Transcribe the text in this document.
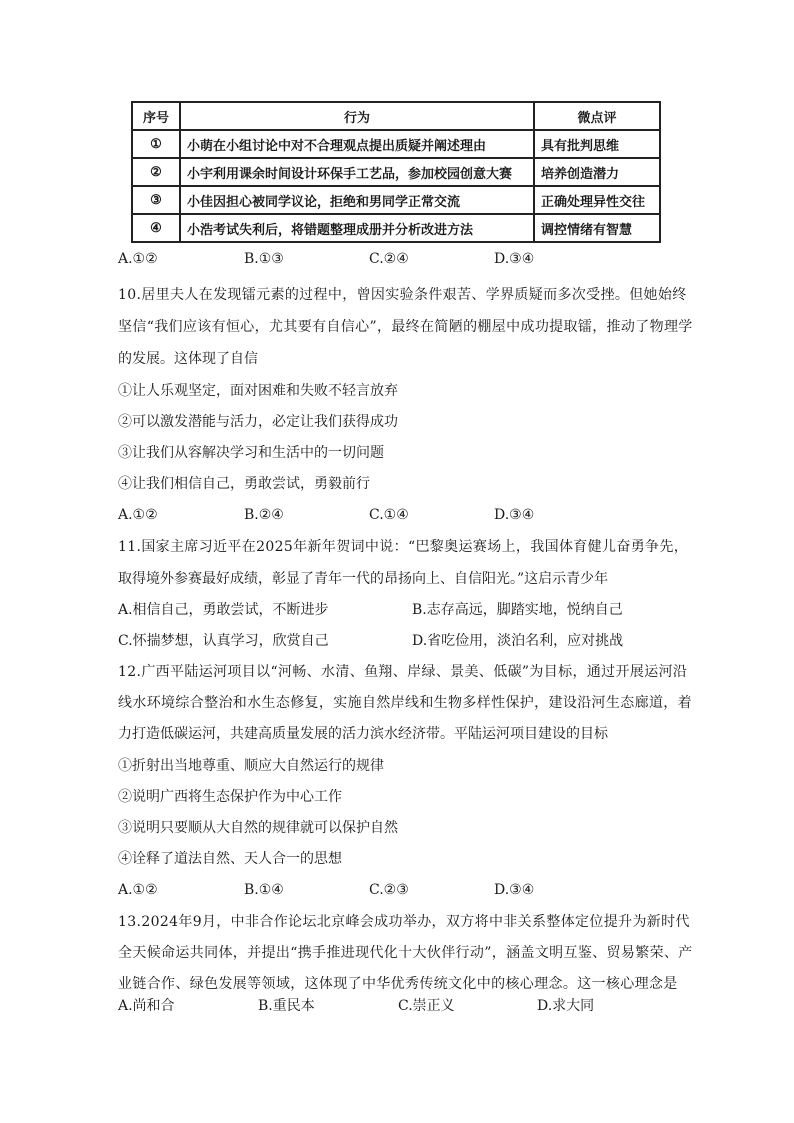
序号	行为	微点评
①	小萌在小组讨论中对不合理观点提出质疑并阐述理由	具有批判思维
②	小宇利用课余时间设计环保手工艺品，参加校园创意大赛	培养创造潜力
③	小佳因担心被同学议论，拒绝和男同学正常交流	正确处理异性交往
④	小浩考试失利后，将错题整理成册并分析改进方法	调控情绪有智慧
A.①②	B.①③	C.②④	D.③④
10.居里夫人在发现镭元素的过程中，曾因实验条件艰苦、学界质疑而多次受挫。但她始终
坚信“我们应该有恒心，尤其要有自信心”，最终在简陋的棚屋中成功提取镭，推动了物理学
的发展。这体现了自信
①让人乐观坚定，面对困难和失败不轻言放弃
②可以激发潜能与活力，必定让我们获得成功
③让我们从容解决学习和生活中的一切问题
④让我们相信自己，勇敢尝试，勇毅前行
A.①②	B.②④	C.①④	D.③④
11.国家主席习近平在2025年新年贺词中说：“巴黎奥运赛场上，我国体育健儿奋勇争先，
取得境外参赛最好成绩，彰显了青年一代的昂扬向上、自信阳光。”这启示青少年
A.相信自己，勇敢尝试，不断进步	B.志存高远，脚踏实地，悦纳自己
C.怀揣梦想，认真学习，欣赏自己	D.省吃俭用，淡泊名利，应对挑战
12.广西平陆运河项目以“河畅、水清、鱼翔、岸绿、景美、低碳”为目标，通过开展运河沿
线水环境综合整治和水生态修复，实施自然岸线和生物多样性保护，建设沿河生态廊道，着
力打造低碳运河，共建高质量发展的活力滨水经济带。平陆运河项目建设的目标
①折射出当地尊重、顺应大自然运行的规律
②说明广西将生态保护作为中心工作
③说明只要顺从大自然的规律就可以保护自然
④诠释了道法自然、天人合一的思想
A.①②	B.①④	C.②③	D.③④
13.2024年9月，中非合作论坛北京峰会成功举办，双方将中非关系整体定位提升为新时代
全天候命运共同体，并提出“携手推进现代化十大伙伴行动”，涵盖文明互鉴、贸易繁荣、产
业链合作、绿色发展等领域，这体现了中华优秀传统文化中的核心理念。这一核心理念是
A.尚和合	B.重民本	C.崇正义	D.求大同
